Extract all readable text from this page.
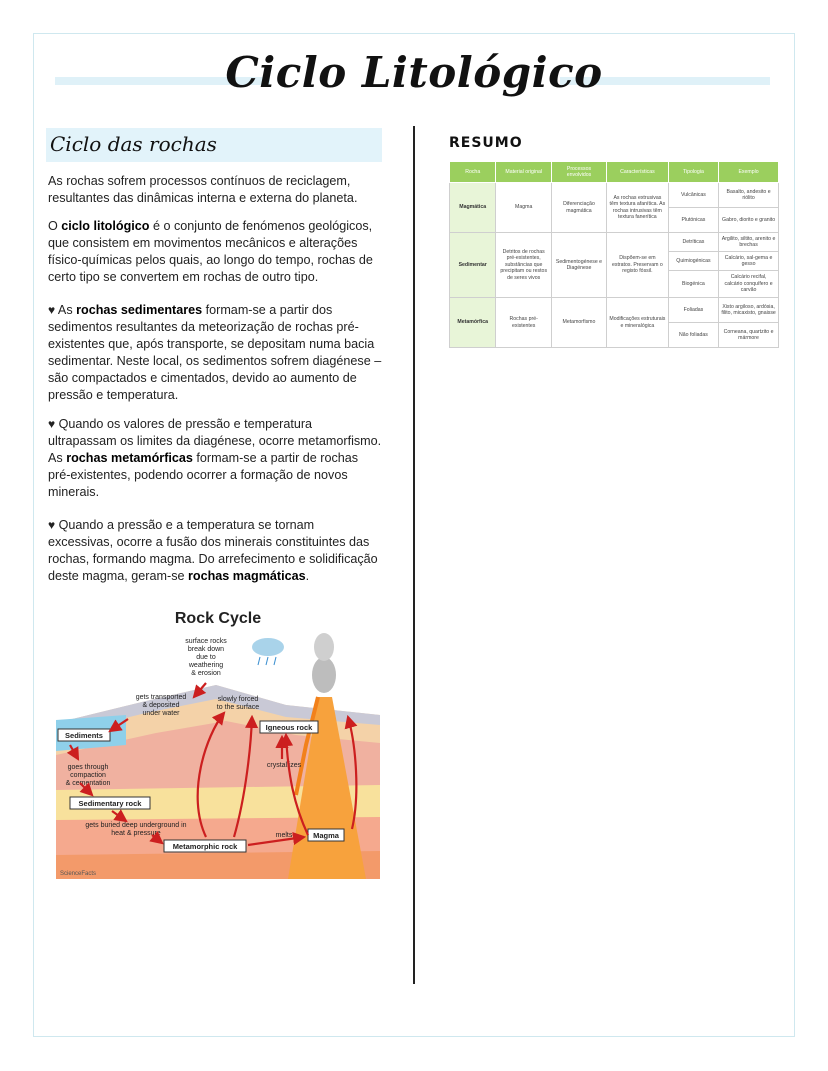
Ciclo Litológico
Ciclo das rochas

As rochas sofrem processos contínuos de reciclagem, resultantes das dinâmicas interna e externa do planeta.

O ciclo litológico é o conjunto de fenómenos geológicos, que consistem em movimentos mecânicos e alterações físico-químicas pelos quais, ao longo do tempo, rochas de certo tipo se convertem em rochas de outro tipo.

♥ As rochas sedimentares formam-se a partir dos sedimentos resultantes da meteorização de rochas pré-existentes que, após transporte, se depositam numa bacia sedimentar. Neste local, os sedimentos sofrem diagénese – são compactados e cimentados, devido ao aumento de pressão e temperatura.

♥ Quando os valores de pressão e temperatura ultrapassam os limites da diagénese, ocorre metamorfismo. As rochas metamórficas formam-se a partir de rochas pré-existentes, podendo ocorrer a formação de novos minerais.

♥ Quando a pressão e a temperatura se tornam excessivas, ocorre a fusão dos minerais constituintes das rochas, formando magma. Do arrefecimento e solidificação deste magma, geram-se rochas magmáticas.

RESUMO
Rocha	Material original	Processos envolvidos	Características	Tipologia	Exemplo
Magmática	Magma	Diferenciação magmática	As rochas extrusivas têm textura afanítica. As rochas intrusivas têm textura fanerítica	Vulcânicas	Basalto, andesito e riólito
				Plutónicas	Gabro, diorito e granito
Sedimentar	Detritos de rochas pré-existentes, substâncias que precipitam ou restos de seres vivos	Sedimentogénese e Diagénese	Dispõem-se em estratos. Preservam o registo fóssil.	Detríticas	Argilito, siltito, arenito e brechas
				Quimiogénicas	Calcário, sal-gema e gesso
				Biogénica	Calcário recifal, calcário conquífero e carvão
Metamórfica	Rochas pré-existentes	Metamorfismo	Modificações estruturais e mineralógica	Foliadas	Xisto argiloso, ardósia, filito, micaxisto, gnaisse
				Não foliadas	Corneana, quartzito e mármore
Rock Cycle
surface rocks break down due to weathering & erosion
gets transported & deposited under water
slowly forced to the surface
goes through compaction & cementation
crystallizes
gets buried deep underground in heat & pressure	melts
Sediments
Igneous rock
Sedimentary rock
Metamorphic rock
Magma
ScienceFacts
